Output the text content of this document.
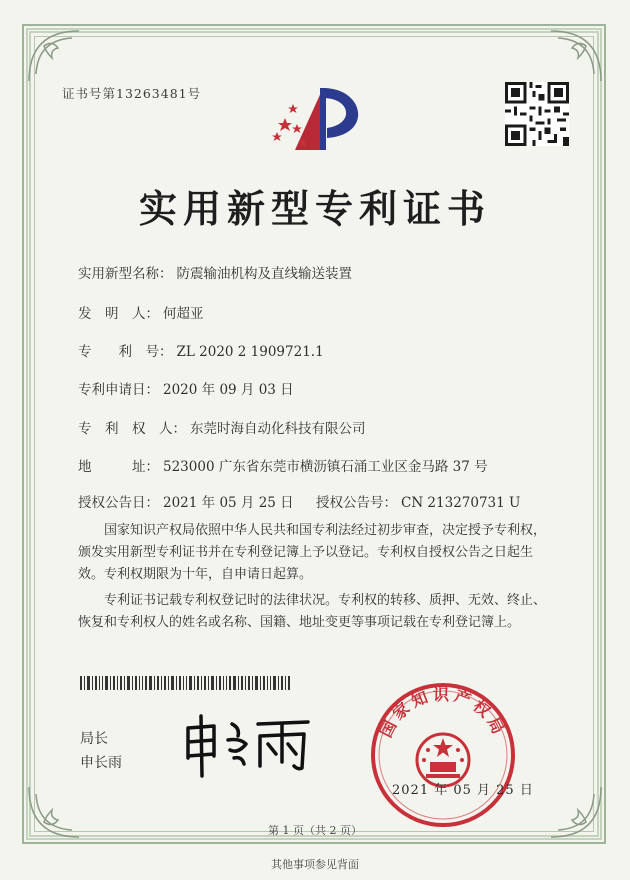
证书号第13263481号
实用新型专利证书
实用新型名称： 防震输油机构及直线输送装置
发　明　人： 何超亚
专　　利　号： ZL 2020 2 1909721.1
专利申请日： 2020 年 09 月 03 日
专　利　权　人： 东莞时海自动化科技有限公司
地　　　址： 523000 广东省东莞市横沥镇石涌工业区金马路 37 号
授权公告日： 2021 年 05 月 25 日 授权公告号： CN 213270731 U
国家知识产权局依照中华人民共和国专利法经过初步审查，决定授予专利权，颁发实用新型专利证书并在专利登记簿上予以登记。专利权自授权公告之日起生效。专利权期限为十年，自申请日起算。
专利证书记载专利权登记时的法律状况。专利权的转移、质押、无效、终止、恢复和专利权人的姓名或名称、国籍、地址变更等事项记载在专利登记簿上。
局长
申长雨
国家知识产权局
2021 年 05 月 25 日
第 1 页（共 2 页）
其他事项参见背面
